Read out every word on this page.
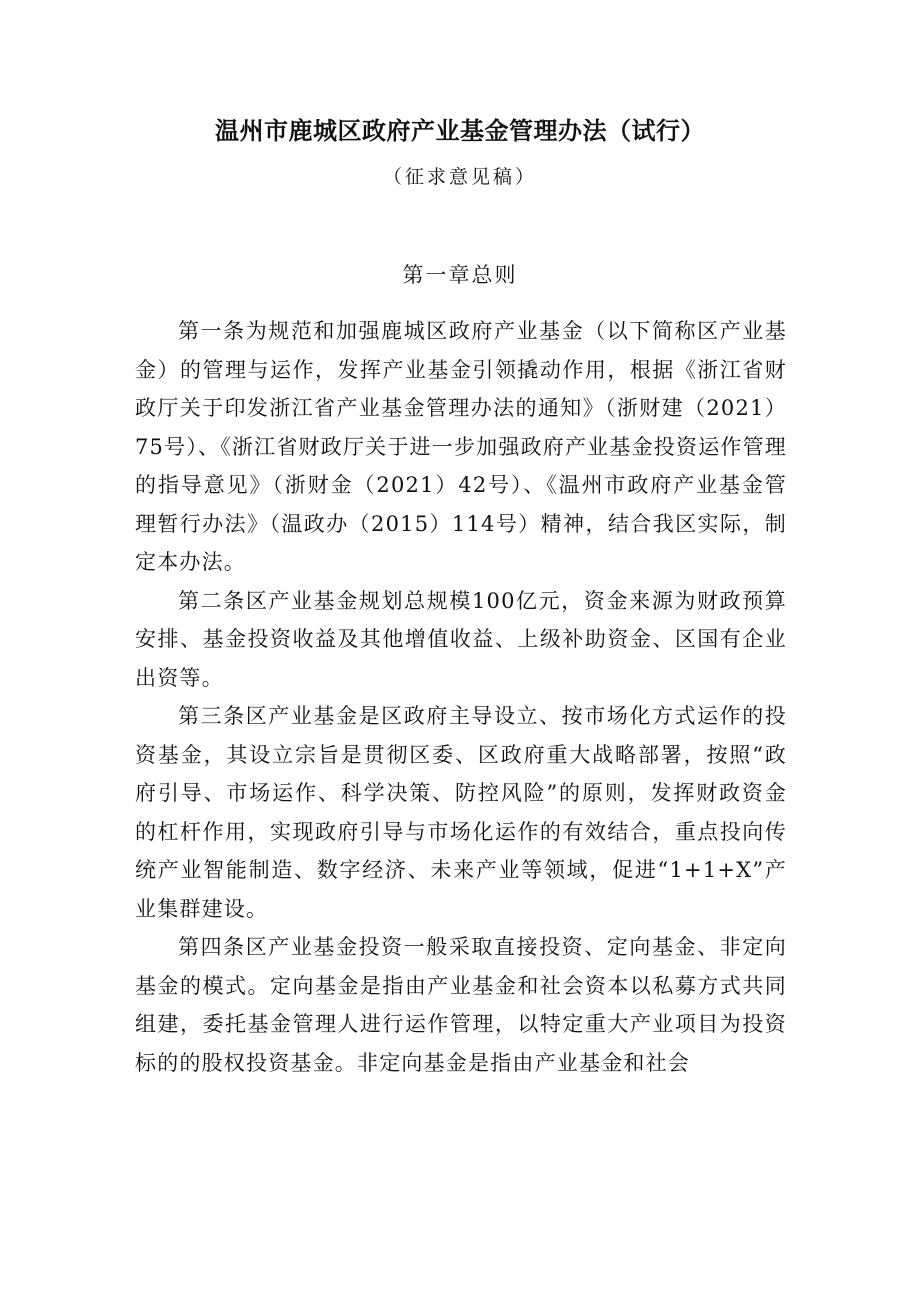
温州市鹿城区政府产业基金管理办法（试行）
（征求意见稿）
第一章总则

第一条为规范和加强鹿城区政府产业基金（以下简称区产业基金）的管理与运作，发挥产业基金引领撬动作用，根据《浙江省财政厅关于印发浙江省产业基金管理办法的通知》（浙财建（2021）75号）、《浙江省财政厅关于进一步加强政府产业基金投资运作管理的指导意见》（浙财金（2021）42号）、《温州市政府产业基金管理暂行办法》（温政办（2015）114号）精神，结合我区实际，制定本办法。

第二条区产业基金规划总规模100亿元，资金来源为财政预算安排、基金投资收益及其他增值收益、上级补助资金、区国有企业出资等。

第三条区产业基金是区政府主导设立、按市场化方式运作的投资基金，其设立宗旨是贯彻区委、区政府重大战略部署，按照“政府引导、市场运作、科学决策、防控风险”的原则，发挥财政资金的杠杆作用，实现政府引导与市场化运作的有效结合，重点投向传统产业智能制造、数字经济、未来产业等领域，促进“1+1+X”产业集群建设。

第四条区产业基金投资一般采取直接投资、定向基金、非定向基金的模式。定向基金是指由产业基金和社会资本以私募方式共同组建，委托基金管理人进行运作管理，以特定重大产业项目为投资标的的股权投资基金。非定向基金是指由产业基金和社会
